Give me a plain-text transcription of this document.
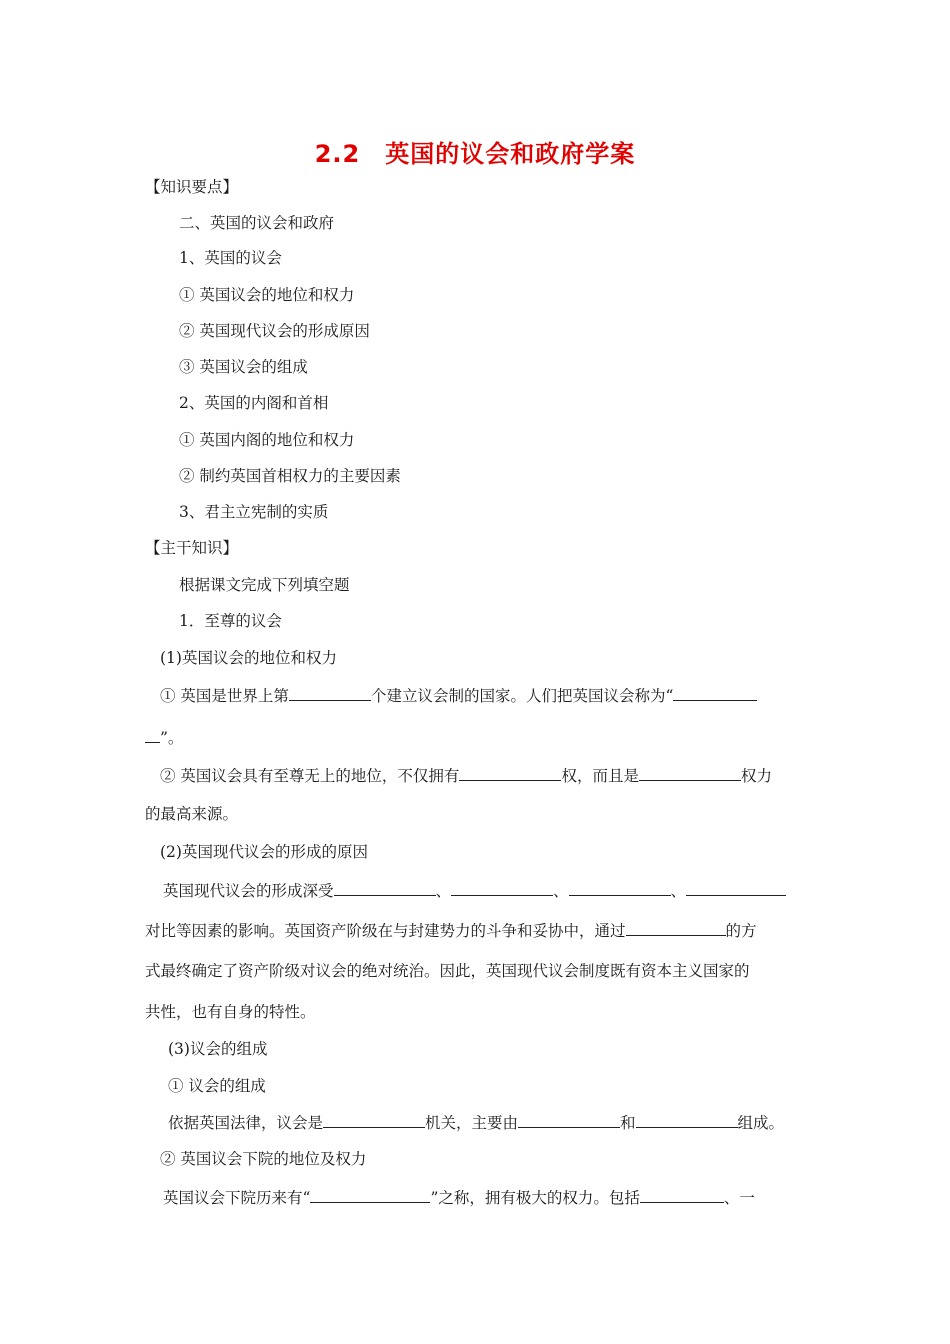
2.2　英国的议会和政府学案
【知识要点】
二、英国的议会和政府
1、英国的议会
① 英国议会的地位和权力
② 英国现代议会的形成原因
③ 英国议会的组成
2、英国的内阁和首相
① 英国内阁的地位和权力
② 制约英国首相权力的主要因素
3、君主立宪制的实质
【主干知识】
根据课文完成下列填空题
1．至尊的议会
(1)英国议会的地位和权力
① 英国是世界上第	个建立议会制的国家。人们把英国议会称为“
”。
② 英国议会具有至尊无上的地位，不仅拥有	权，而且是	权力
的最高来源。
(2)英国现代议会的形成的原因
英国现代议会的形成深受	、	、	、
对比等因素的影响。英国资产阶级在与封建势力的斗争和妥协中，通过	的方
式最终确定了资产阶级对议会的绝对统治。因此，英国现代议会制度既有资本主义国家的
共性，也有自身的特性。
(3)议会的组成
① 议会的组成
依据英国法律，议会是	机关，主要由	和	组成。
② 英国议会下院的地位及权力
英国议会下院历来有“	”之称，拥有极大的权力。包括	、一
